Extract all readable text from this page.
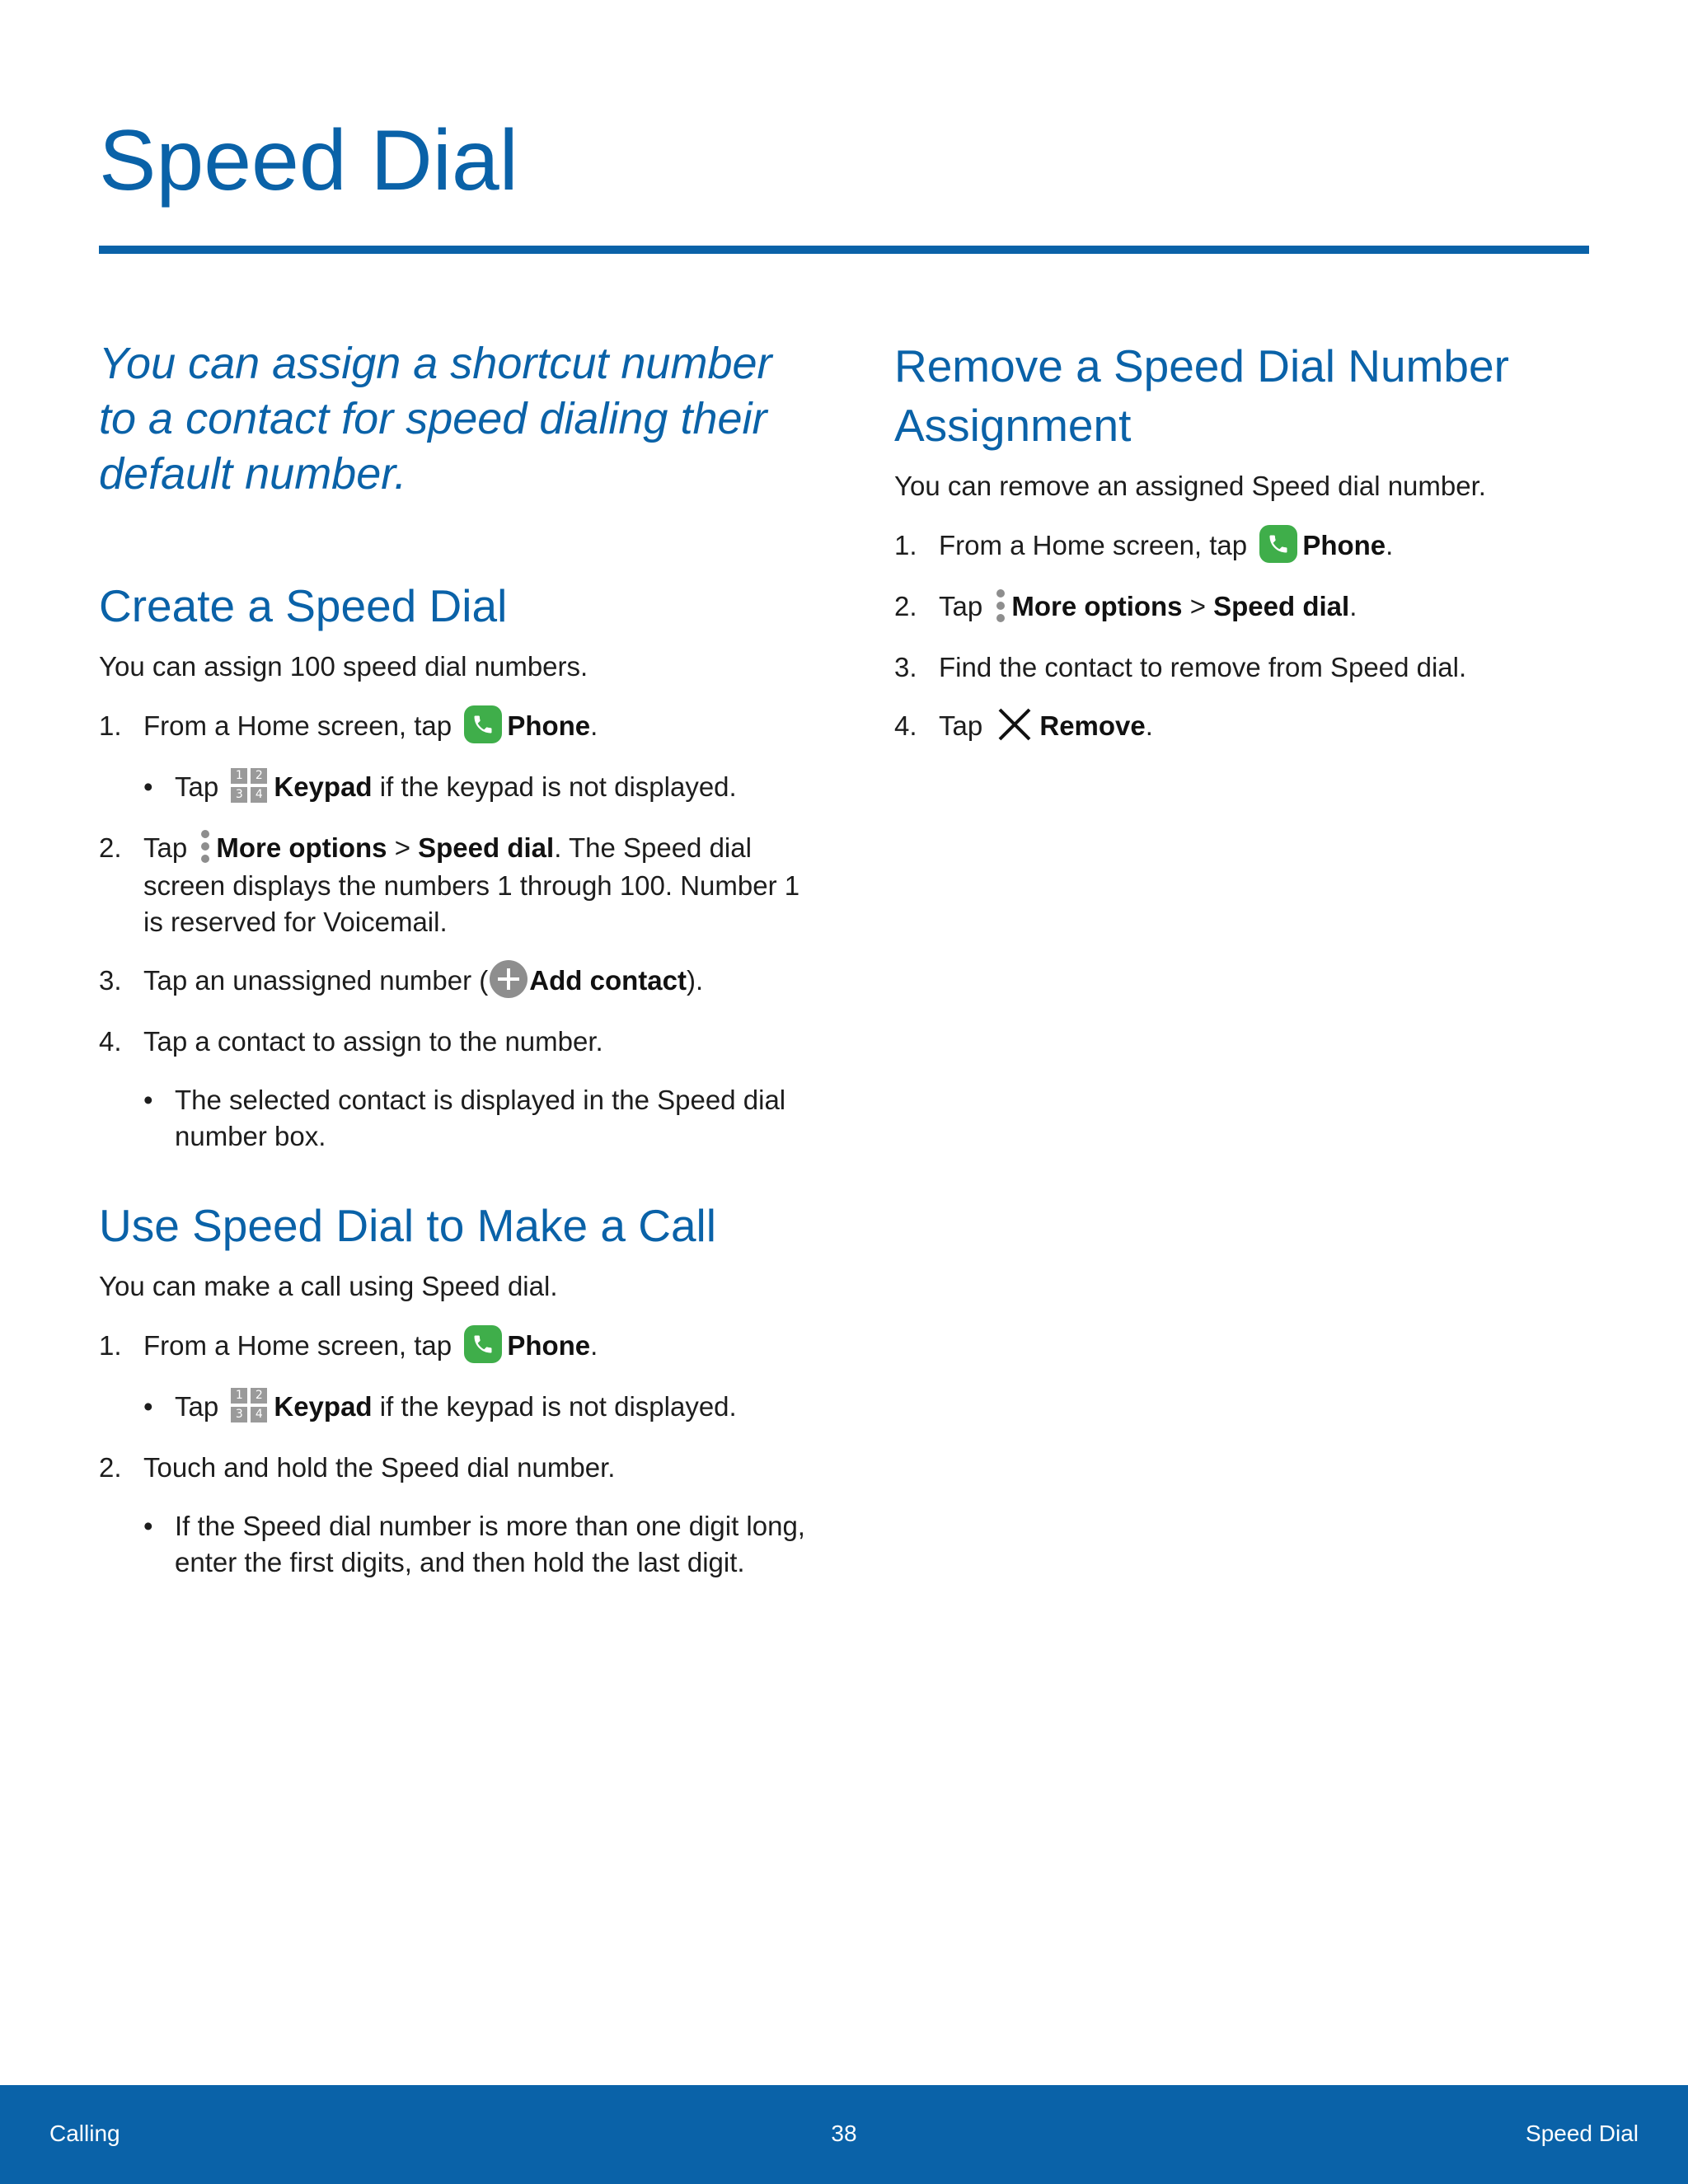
Speed Dial

You can assign a shortcut number to a contact for speed dialing their default number.

Create a Speed Dial

You can assign 100 speed dial numbers.

1. From a Home screen, tap
Phone.
• Tap 1	2
3	4 Keypad if the keypad is not displayed.
2. Tap
More options > Speed dial. The Speed dial screen displays the numbers 1 through 100. Number 1 is reserved for Voicemail.
3. Tap an unassigned number ( Add contact).
4. Tap a contact to assign to the number.
• The selected contact is displayed in the Speed dial number box.
Use Speed Dial to Make a Call

You can make a call using Speed dial.

1. From a Home screen, tap
Phone.
• Tap 1	2
3	4 Keypad if the keypad is not displayed.
2. Touch and hold the Speed dial number.
• If the Speed dial number is more than one digit long, enter the first digits, and then hold the last digit.
Remove a Speed Dial Number Assignment

You can remove an assigned Speed dial number.

1. From a Home screen, tap
Phone.
2. Tap
More options > Speed dial.
3. Find the contact to remove from Speed dial.
4. Tap Remove.
Calling	38	Speed Dial
